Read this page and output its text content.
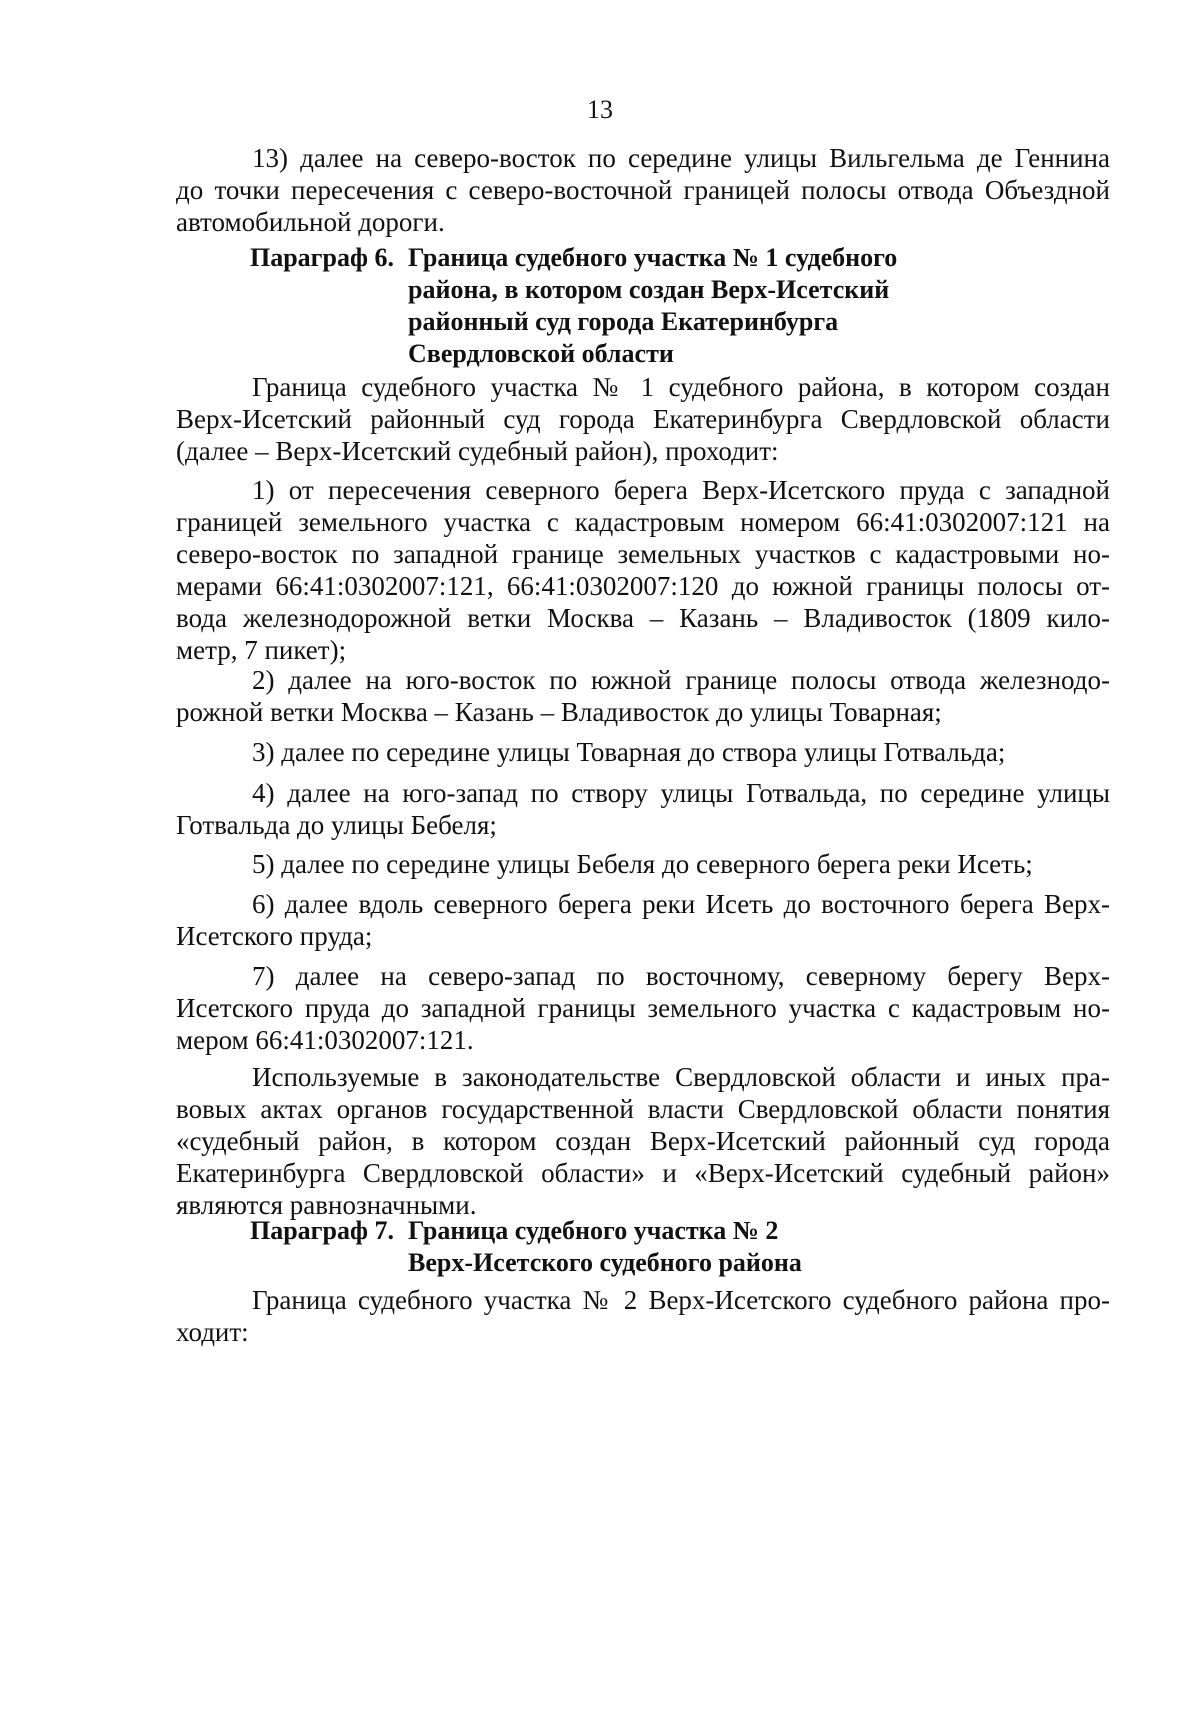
13
13) далее на северо-восток по середине улицы Вильгельма де Геннина
до точки пересечения с северо-восточной границей полосы отвода Объездной
автомобильной дороги.
Параграф 6. Граница судебного участка № 1 судебного
района, в котором создан Верх-Исетский
районный суд города Екатеринбурга
Свердловской области
Граница судебного участка № 1 судебного района, в котором создан
Верх-Исетский районный суд города Екатеринбурга Свердловской области
(далее – Верх-Исетский судебный район), проходит:
1) от пересечения северного берега Верх-Исетского пруда с западной
границей земельного участка с кадастровым номером 66:41:0302007:121 на
северо-восток по западной границе земельных участков с кадастровыми но-
мерами 66:41:0302007:121, 66:41:0302007:120 до южной границы полосы от-
вода железнодорожной ветки Москва – Казань – Владивосток (1809 кило-
метр, 7 пикет);
2) далее на юго-восток по южной границе полосы отвода железнодо-
рожной ветки Москва – Казань – Владивосток до улицы Товарная;
3) далее по середине улицы Товарная до створа улицы Готвальда;
4) далее на юго-запад по створу улицы Готвальда, по середине улицы
Готвальда до улицы Бебеля;
5) далее по середине улицы Бебеля до северного берега реки Исеть;
6) далее вдоль северного берега реки Исеть до восточного берега Верх-
Исетского пруда;
7) далее на северо-запад по восточному, северному берегу Верх-
Исетского пруда до западной границы земельного участка с кадастровым но-
мером 66:41:0302007:121.
Используемые в законодательстве Свердловской области и иных пра-
вовых актах органов государственной власти Свердловской области понятия
«судебный район, в котором создан Верх-Исетский районный суд города
Екатеринбурга Свердловской области» и «Верх-Исетский судебный район»
являются равнозначными.
Параграф 7. Граница судебного участка № 2
Верх-Исетского судебного района
Граница судебного участка № 2 Верх-Исетского судебного района про-
ходит:
